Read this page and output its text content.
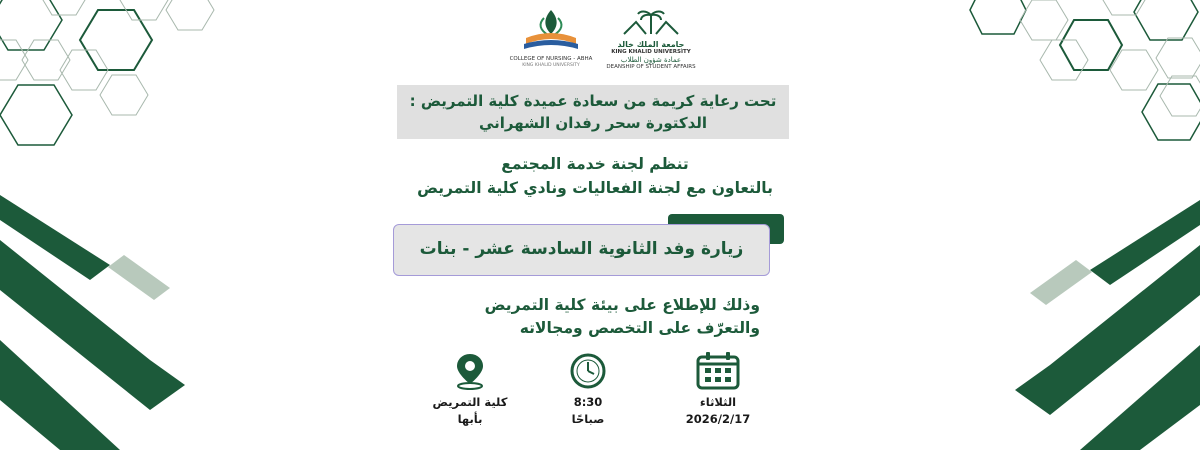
COLLEGE OF NURSING - ABHA
KING KHALID UNIVERSITY
جامعة الملك خالد
KING KHALID UNIVERSITY
عمادة شؤون الطلاب
DEANSHIP OF STUDENT AFFAIRS
تحت رعاية كريمة من سعادة عميدة كلية التمريض :
الدكتورة سحر رفدان الشهراني
تنظم لجنة خدمة المجتمع
بالتعاون مع لجنة الفعاليات ونادي كلية التمريض
زيارة وفد الثانوية السادسة عشر - بنات
وذلك للإطلاع على بيئة كلية التمريض
والتعرّف على التخصص ومجالاته
الثلاثاء
2026/2/17
8:30
صباحًا
كلية التمريض
بأبها
